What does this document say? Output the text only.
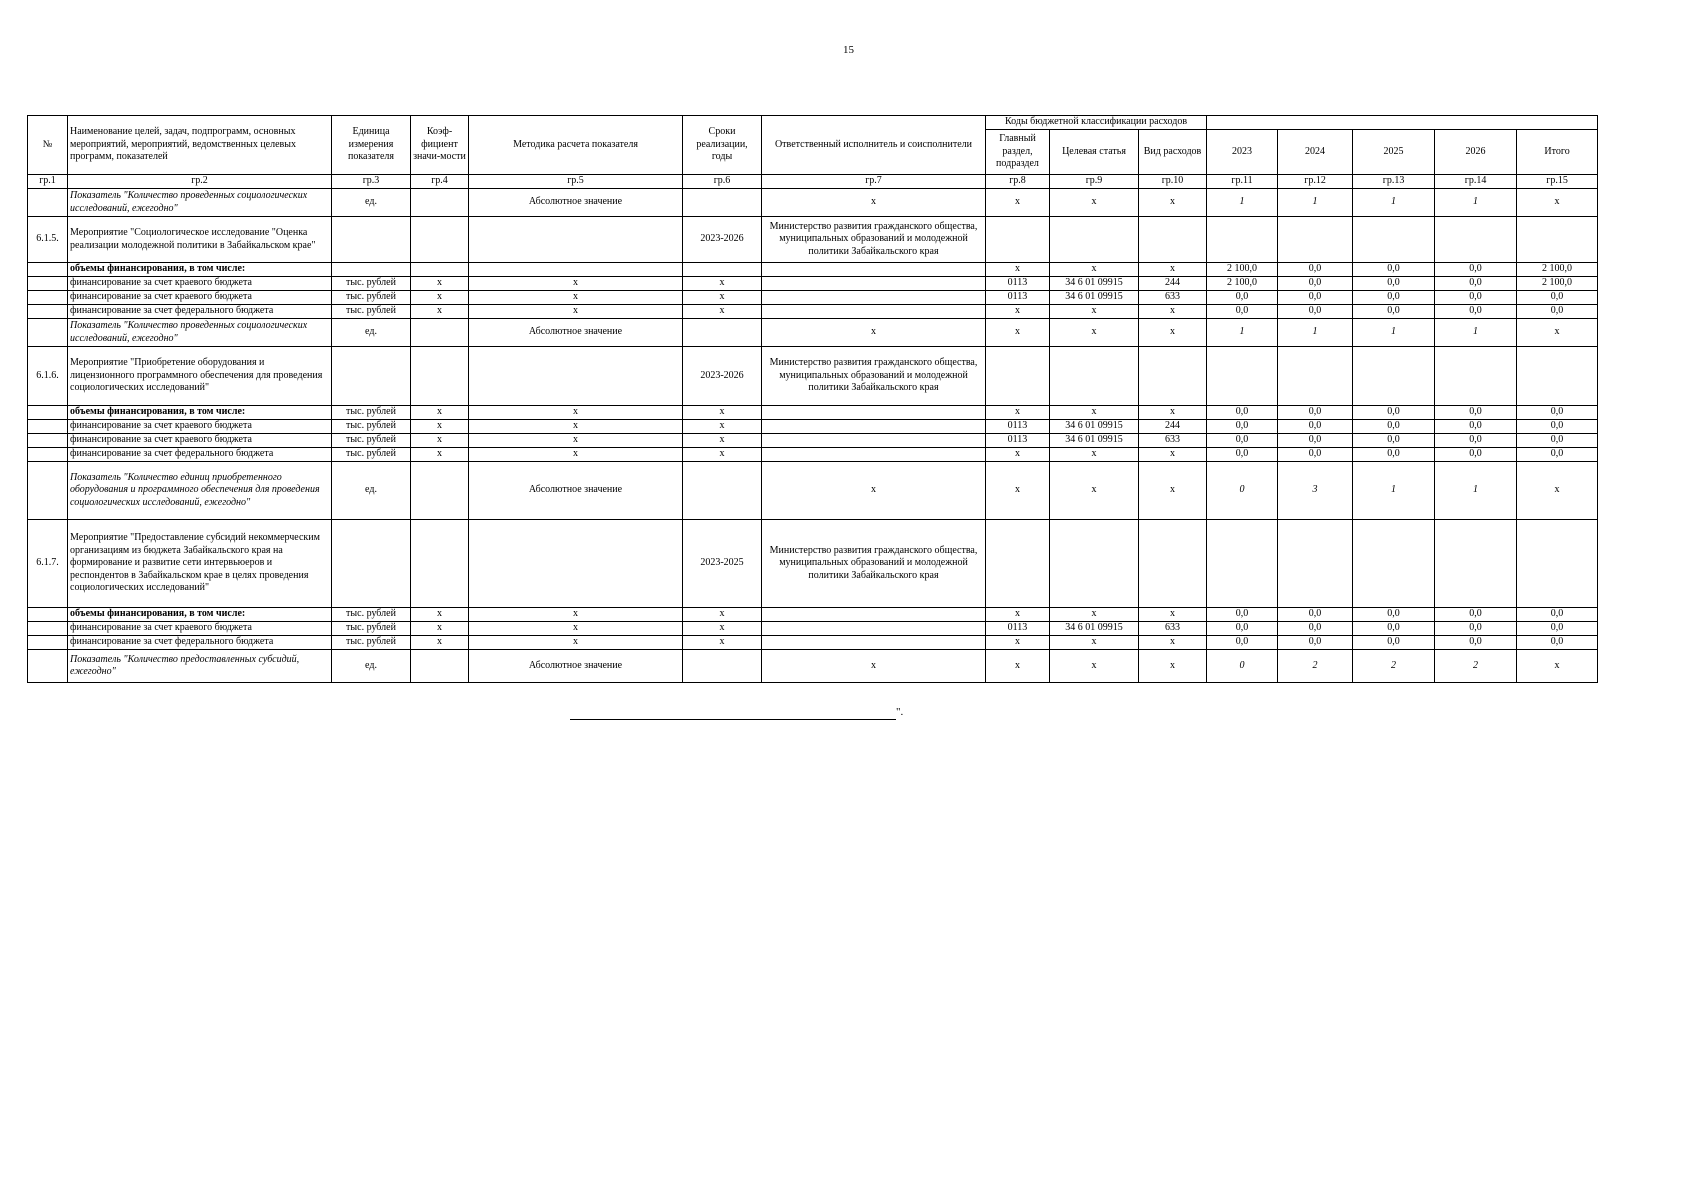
15
№	Наименование целей, задач, подпрограмм, основных мероприятий, мероприятий, ведомственных целевых программ, показателей	Единица измерения показателя	Коэф-фициент значи-мости	Методика расчета показателя	Сроки реализации, годы	Ответственный исполнитель и соисполнители	Коды бюджетной классификации расходов							
							Главный раздел, подраздел	Целевая статья	Вид расходов	2023	2024	2025	2026	Итого
гр.1	гр.2	гр.3	гр.4	гр.5	гр.6	гр.7	гр.8	гр.9	гр.10	гр.11	гр.12	гр.13	гр.14	гр.15
	Показатель "Количество проведенных социологических исследований, ежегодно"	ед.		Абсолютное значение		х	х	х	х	1	1	1	1	х
6.1.5.	Мероприятие "Социологическое исследование "Оценка реализации молодежной политики в Забайкальском крае"				2023-2026	Министерство развития гражданского общества, муниципальных образований и молодежной политики Забайкальского края								
	объемы финансирования, в том числе:						х	х	х	2 100,0	0,0	0,0	0,0	2 100,0
	финансирование за счет краевого бюджета	тыс. рублей	х	х	х		0113	34 6 01 09915	244	2 100,0	0,0	0,0	0,0	2 100,0
	финансирование за счет краевого бюджета	тыс. рублей	х	х	х		0113	34 6 01 09915	633	0,0	0,0	0,0	0,0	0,0
	финансирование за счет федерального бюджета	тыс. рублей	х	х	х		х	х	х	0,0	0,0	0,0	0,0	0,0
	Показатель "Количество проведенных социологических исследований, ежегодно"	ед.		Абсолютное значение		х	х	х	х	1	1	1	1	х
6.1.6.	Мероприятие "Приобретение оборудования и лицензионного программного обеспечения для проведения социологических исследований"				2023-2026	Министерство развития гражданского общества, муниципальных образований и молодежной политики Забайкальского края								
	объемы финансирования, в том числе:	тыс. рублей	х	х	х		х	х	х	0,0	0,0	0,0	0,0	0,0
	финансирование за счет краевого бюджета	тыс. рублей	х	х	х		0113	34 6 01 09915	244	0,0	0,0	0,0	0,0	0,0
	финансирование за счет краевого бюджета	тыс. рублей	х	х	х		0113	34 6 01 09915	633	0,0	0,0	0,0	0,0	0,0
	финансирование за счет федерального бюджета	тыс. рублей	х	х	х		х	х	х	0,0	0,0	0,0	0,0	0,0
	Показатель "Количество единиц приобретенного оборудования и программного обеспечения для проведения социологических исследований, ежегодно"	ед.		Абсолютное значение		х	х	х	х	0	3	1	1	х
6.1.7.	Мероприятие "Предоставление субсидий некоммерческим организациям из бюджета Забайкальского края на формирование и развитие сети интервьюеров и респондентов в Забайкальском крае в целях проведения социологических исследований"				2023-2025	Министерство развития гражданского общества, муниципальных образований и молодежной политики Забайкальского края								
	объемы финансирования, в том числе:	тыс. рублей	х	х	х		х	х	х	0,0	0,0	0,0	0,0	0,0
	финансирование за счет краевого бюджета	тыс. рублей	х	х	х		0113	34 6 01 09915	633	0,0	0,0	0,0	0,0	0,0
	финансирование за счет федерального бюджета	тыс. рублей	х	х	х		х	х	х	0,0	0,0	0,0	0,0	0,0
	Показатель "Количество предоставленных субсидий, ежегодно"	ед.		Абсолютное значение		х	х	х	х	0	2	2	2	х
".
